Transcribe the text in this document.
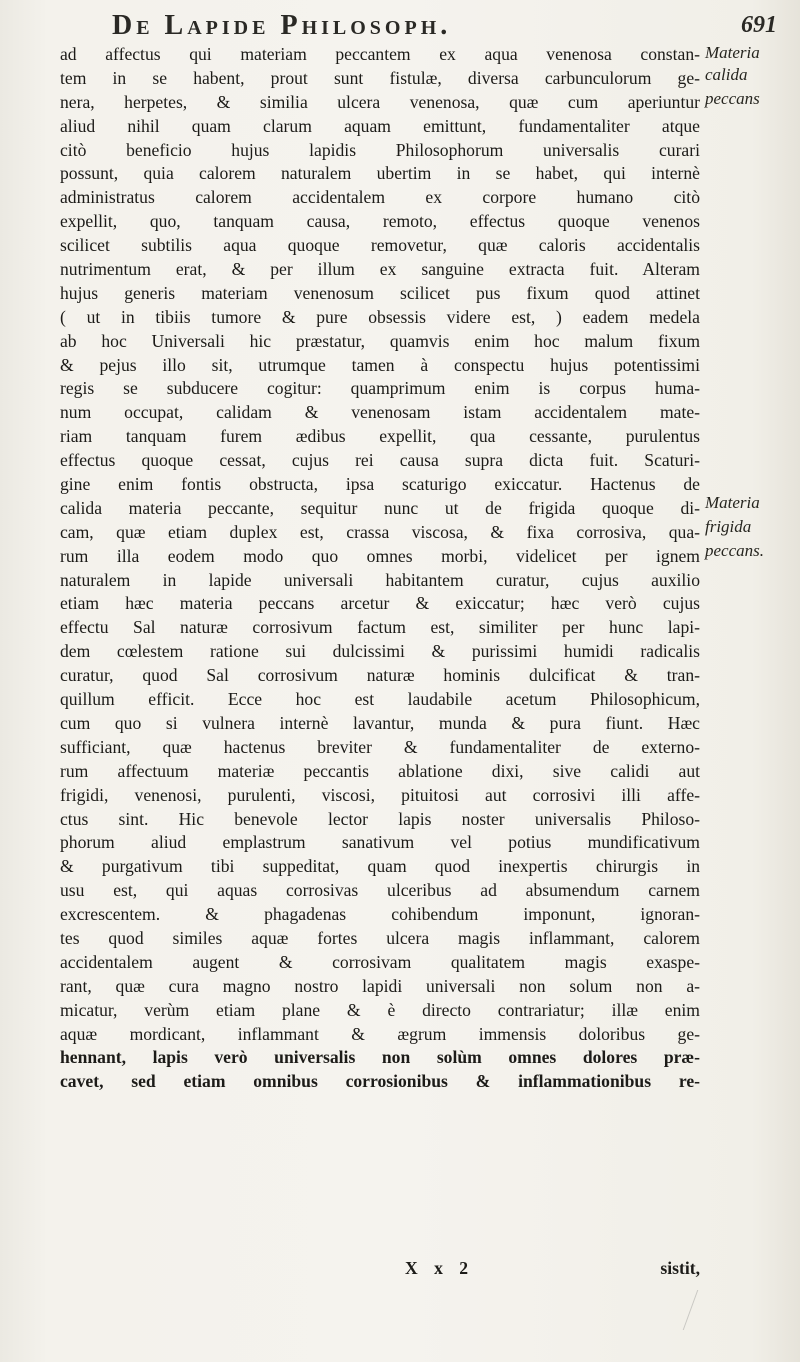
De Lapide Philosoph.	691
ad affectus qui materiam peccantem ex aqua venenosa constan-
tem in se habent, prout sunt fistulæ, diversa carbunculorum ge-
nera, herpetes, & similia ulcera venenosa, quæ cum aperiuntur
aliud nihil quam clarum aquam emittunt, fundamentaliter atque
citò beneficio hujus lapidis Philosophorum universalis curari
possunt, quia calorem naturalem ubertim in se habet, qui internè
administratus calorem accidentalem ex corpore humano citò
expellit, quo, tanquam causa, remoto, effectus quoque venenos
scilicet subtilis aqua quoque removetur, quæ caloris accidentalis
nutrimentum erat, & per illum ex sanguine extracta fuit. Alteram
hujus generis materiam venenosum scilicet pus fixum quod attinet
( ut in tibiis tumore & pure obsessis videre est, ) eadem medela
ab hoc Universali hic præstatur, quamvis enim hoc malum fixum
& pejus illo sit, utrumque tamen à conspectu hujus potentissimi
regis se subducere cogitur: quamprimum enim is corpus huma-
num occupat, calidam & venenosam istam accidentalem mate-
riam tanquam furem ædibus expellit, qua cessante, purulentus
effectus quoque cessat, cujus rei causa supra dicta fuit. Scaturi-
gine enim fontis obstructa, ipsa scaturigo exiccatur. Hactenus de
calida materia peccante, sequitur nunc ut de frigida quoque di-
cam, quæ etiam duplex est, crassa viscosa, & fixa corrosiva, qua-
rum illa eodem modo quo omnes morbi, videlicet per ignem
naturalem in lapide universali habitantem curatur, cujus auxilio
etiam hæc materia peccans arcetur & exiccatur; hæc verò cujus
effectu Sal naturæ corrosivum factum est, similiter per hunc lapi-
dem cœlestem ratione sui dulcissimi & purissimi humidi radicalis
curatur, quod Sal corrosivum naturæ hominis dulcificat & tran-
quillum efficit. Ecce hoc est laudabile acetum Philosophicum,
cum quo si vulnera internè lavantur, munda & pura fiunt. Hæc
sufficiant, quæ hactenus breviter & fundamentaliter de externo-
rum affectuum materiæ peccantis ablatione dixi, sive calidi aut
frigidi, venenosi, purulenti, viscosi, pituitosi aut corrosivi illi affe-
ctus sint. Hic benevole lector lapis noster universalis Philoso-
phorum aliud emplastrum sanativum vel potius mundificativum
& purgativum tibi suppeditat, quam quod inexpertis chirurgis in
usu est, qui aquas corrosivas ulceribus ad absumendum carnem
excrescentem. & phagadenas cohibendum imponunt, ignoran-
tes quod similes aquæ fortes ulcera magis inflammant, calorem
accidentalem augent & corrosivam qualitatem magis exaspe-
rant, quæ cura magno nostro lapidi universali non solum non a-
micatur, verùm etiam plane & è directo contrariatur; illæ enim
aquæ mordicant, inflammant & ægrum immensis doloribus ge-
hennant, lapis verò universalis non solùm omnes dolores præ-
cavet, sed etiam omnibus corrosionibus & inflammationibus re-
Materia
calida
peccans
Materia
frigida
peccans.
X x 2	sistit,
